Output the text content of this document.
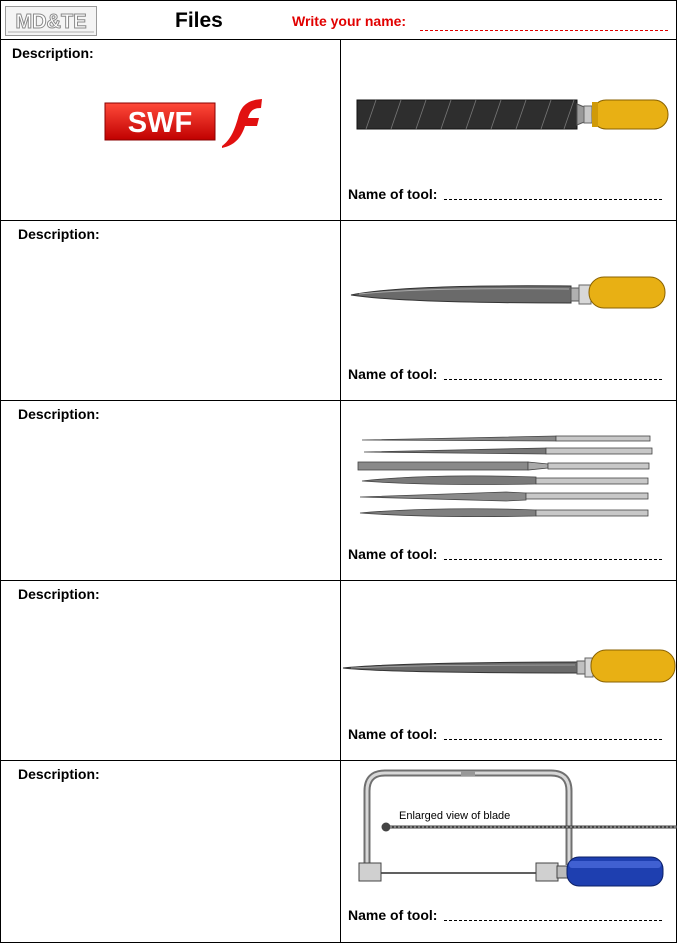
MD&TE	Files	Write your name:
Description:
SWF
Name of tool:
Description:
Name of tool:
Description:
Name of tool:
Description:
Name of tool:
Description:
Enlarged view of blade
Name of tool:
